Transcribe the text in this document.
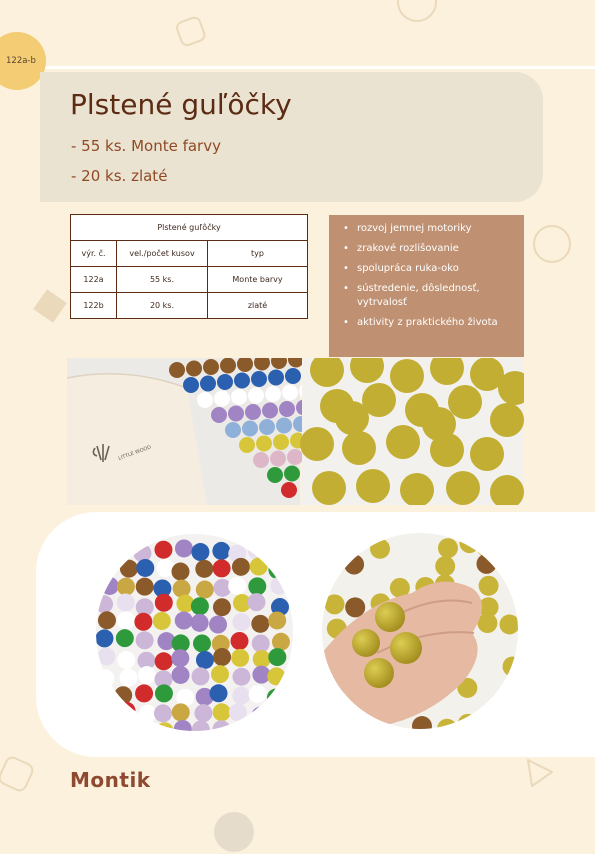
122a-b
Plstené guľôčky
- 55 ks. Monte farvy
- 20 ks. zlaté
Plstené guľôčky		
výr. č.	vel./počet kusov	typ
122a	55 ks.	Monte barvy
122b	20 ks.	zlaté
• rozvoj jemnej motoriky
• zrakové rozlišovanie
• spolupráca ruka-oko
• sústredenie, dôslednosť, vytrvalosť
• aktivity z praktického života
LITTLE WOOD
Montik
